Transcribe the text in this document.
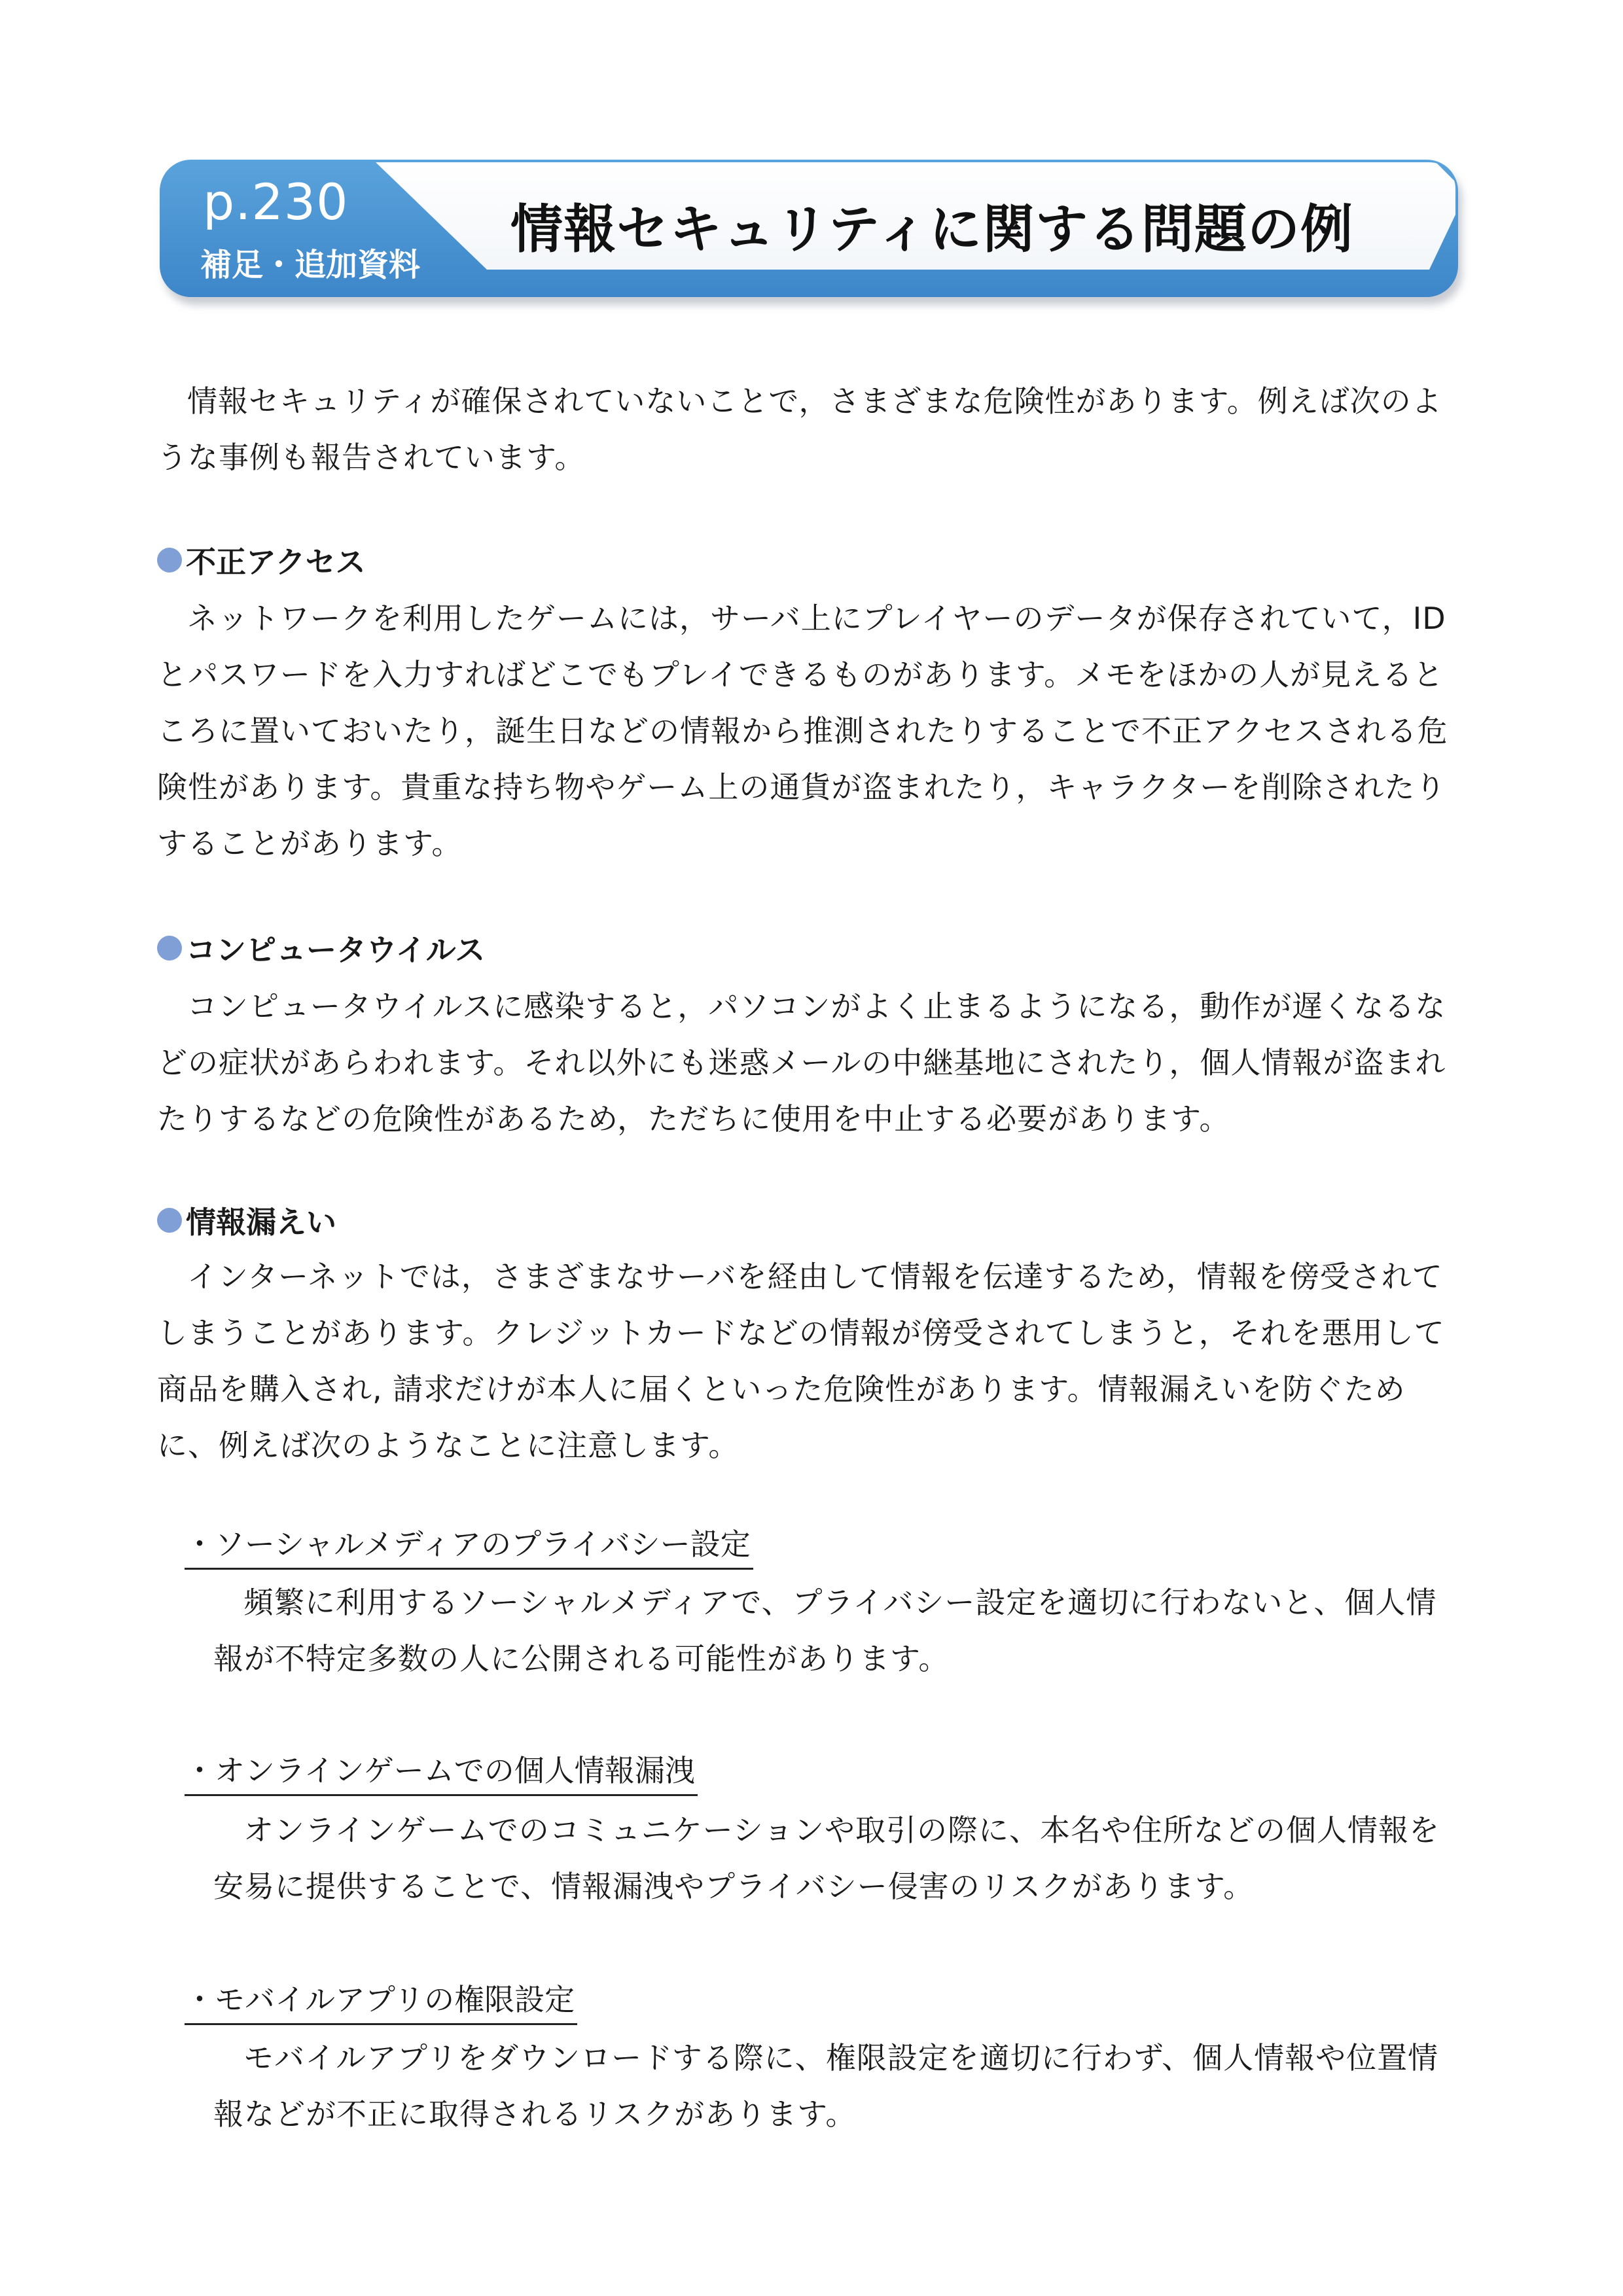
p.230
補足・追加資料
情報セキュリティに関する問題の例

情報セキュリティが確保されていないことで，さまざまな危険性があります。例えば次のような事例も報告されています。

不正アクセス

ネットワークを利用したゲームには，サーバ上にプレイヤーのデータが保存されていて，IDとパスワードを入力すればどこでもプレイできるものがあります。メモをほかの人が見えるところに置いておいたり，誕生日などの情報から推測されたりすることで不正アクセスされる危険性があります。貴重な持ち物やゲーム上の通貨が盗まれたり，キャラクターを削除されたりすることがあります。

コンピュータウイルス

コンピュータウイルスに感染すると，パソコンがよく止まるようになる，動作が遅くなるなどの症状があらわれます。それ以外にも迷惑メールの中継基地にされたり，個人情報が盗まれたりするなどの危険性があるため，ただちに使用を中止する必要があります。

情報漏えい

インターネットでは，さまざまなサーバを経由して情報を伝達するため，情報を傍受されてしまうことがあります。クレジットカードなどの情報が傍受されてしまうと，それを悪用して商品を購入され, 請求だけが本人に届くといった危険性があります。情報漏えいを防ぐために、例えば次のようなことに注意します。

・ソーシャルメディアのプライバシー設定

頻繁に利用するソーシャルメディアで、プライバシー設定を適切に行わないと、個人情報が不特定多数の人に公開される可能性があります。

・オンラインゲームでの個人情報漏洩

オンラインゲームでのコミュニケーションや取引の際に、本名や住所などの個人情報を安易に提供することで、情報漏洩やプライバシー侵害のリスクがあります。

・モバイルアプリの権限設定

モバイルアプリをダウンロードする際に、権限設定を適切に行わず、個人情報や位置情報などが不正に取得されるリスクがあります。
